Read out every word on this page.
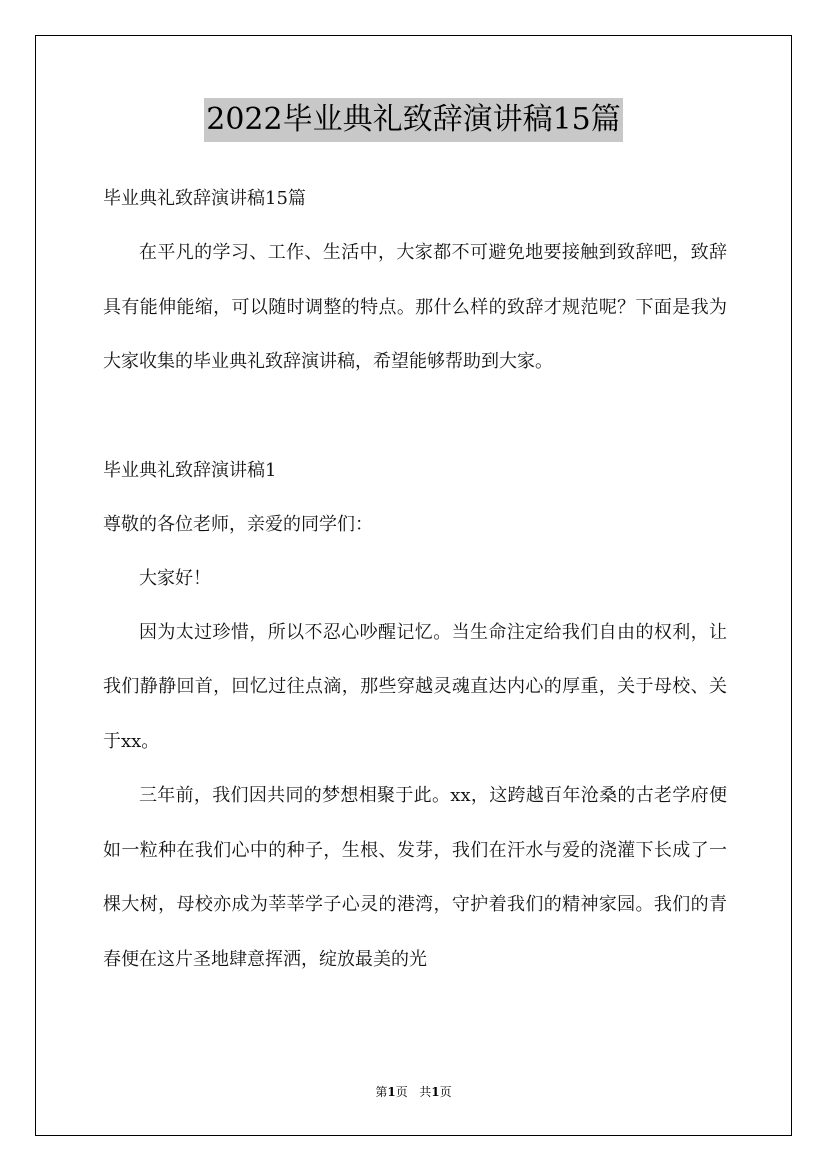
2022毕业典礼致辞演讲稿15篇
毕业典礼致辞演讲稿15篇

在平凡的学习、工作、生活中，大家都不可避免地要接触到致辞吧，致辞具有能伸能缩，可以随时调整的特点。那什么样的致辞才规范呢？下面是我为大家收集的毕业典礼致辞演讲稿，希望能够帮助到大家。

毕业典礼致辞演讲稿1
尊敬的各位老师，亲爱的同学们：
大家好！

因为太过珍惜，所以不忍心吵醒记忆。当生命注定给我们自由的权利，让我们静静回首，回忆过往点滴，那些穿越灵魂直达内心的厚重，关于母校、关于xx。

三年前，我们因共同的梦想相聚于此。xx，这跨越百年沧桑的古老学府便如一粒种在我们心中的种子，生根、发芽，我们在汗水与爱的浇灌下长成了一棵大树，母校亦成为莘莘学子心灵的港湾，守护着我们的精神家园。我们的青春便在这片圣地肆意挥洒，绽放最美的光

第1页 共1页
